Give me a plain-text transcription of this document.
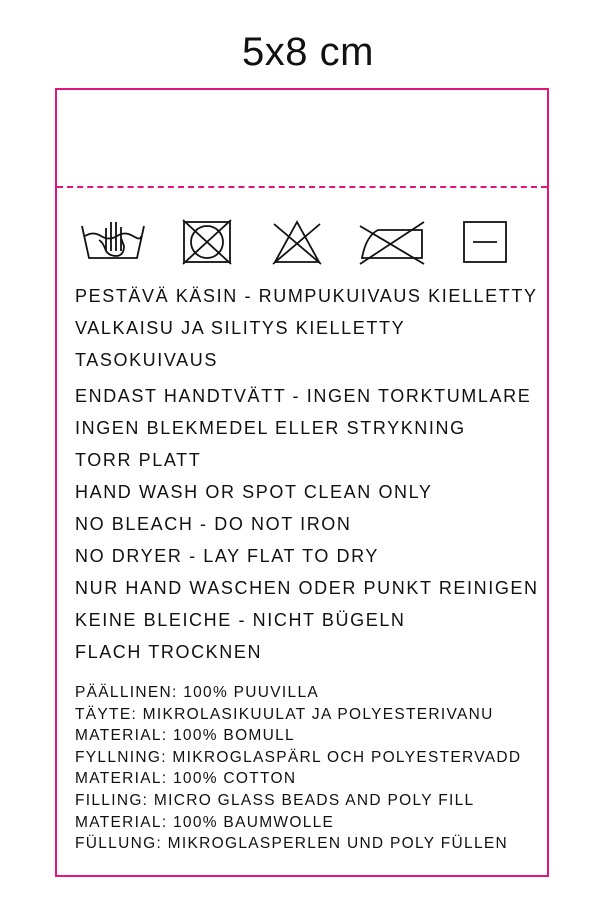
5x8 cm
PESTÄVÄ KÄSIN - RUMPUKUIVAUS KIELLETTY
VALKAISU JA SILITYS KIELLETTY
TASOKUIVAUS
ENDAST HANDTVÄTT - INGEN TORKTUMLARE
INGEN BLEKMEDEL ELLER STRYKNING
TORR PLATT
HAND WASH OR SPOT CLEAN ONLY
NO BLEACH - DO NOT IRON
NO DRYER - LAY FLAT TO DRY
NUR HAND WASCHEN ODER PUNKT REINIGEN
KEINE BLEICHE - NICHT BÜGELN
FLACH TROCKNEN
PÄÄLLINEN: 100% PUUVILLA
TÄYTE: MIKROLASIKUULAT JA POLYESTERIVANU
MATERIAL: 100% BOMULL
FYLLNING: MIKROGLASPÄRL OCH POLYESTERVADD
MATERIAL: 100% COTTON
FILLING: MICRO GLASS BEADS AND POLY FILL
MATERIAL: 100% BAUMWOLLE
FÜLLUNG: MIKROGLASPERLEN UND POLY FÜLLEN
